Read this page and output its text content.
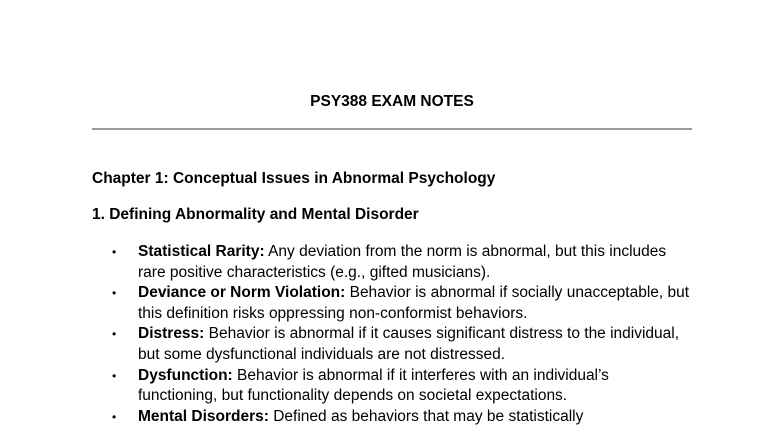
PSY388 EXAM NOTES
Chapter 1: Conceptual Issues in Abnormal Psychology
1. Defining Abnormality and Mental Disorder
• Statistical Rarity: Any deviation from the norm is abnormal, but this includes rare positive characteristics (e.g., gifted musicians).
• Deviance or Norm Violation: Behavior is abnormal if socially unacceptable, but this definition risks oppressing non-conformist behaviors.
• Distress: Behavior is abnormal if it causes significant distress to the individual, but some dysfunctional individuals are not distressed.
• Dysfunction: Behavior is abnormal if it interferes with an individual’s functioning, but functionality depends on societal expectations.
• Mental Disorders: Defined as behaviors that may be statistically
